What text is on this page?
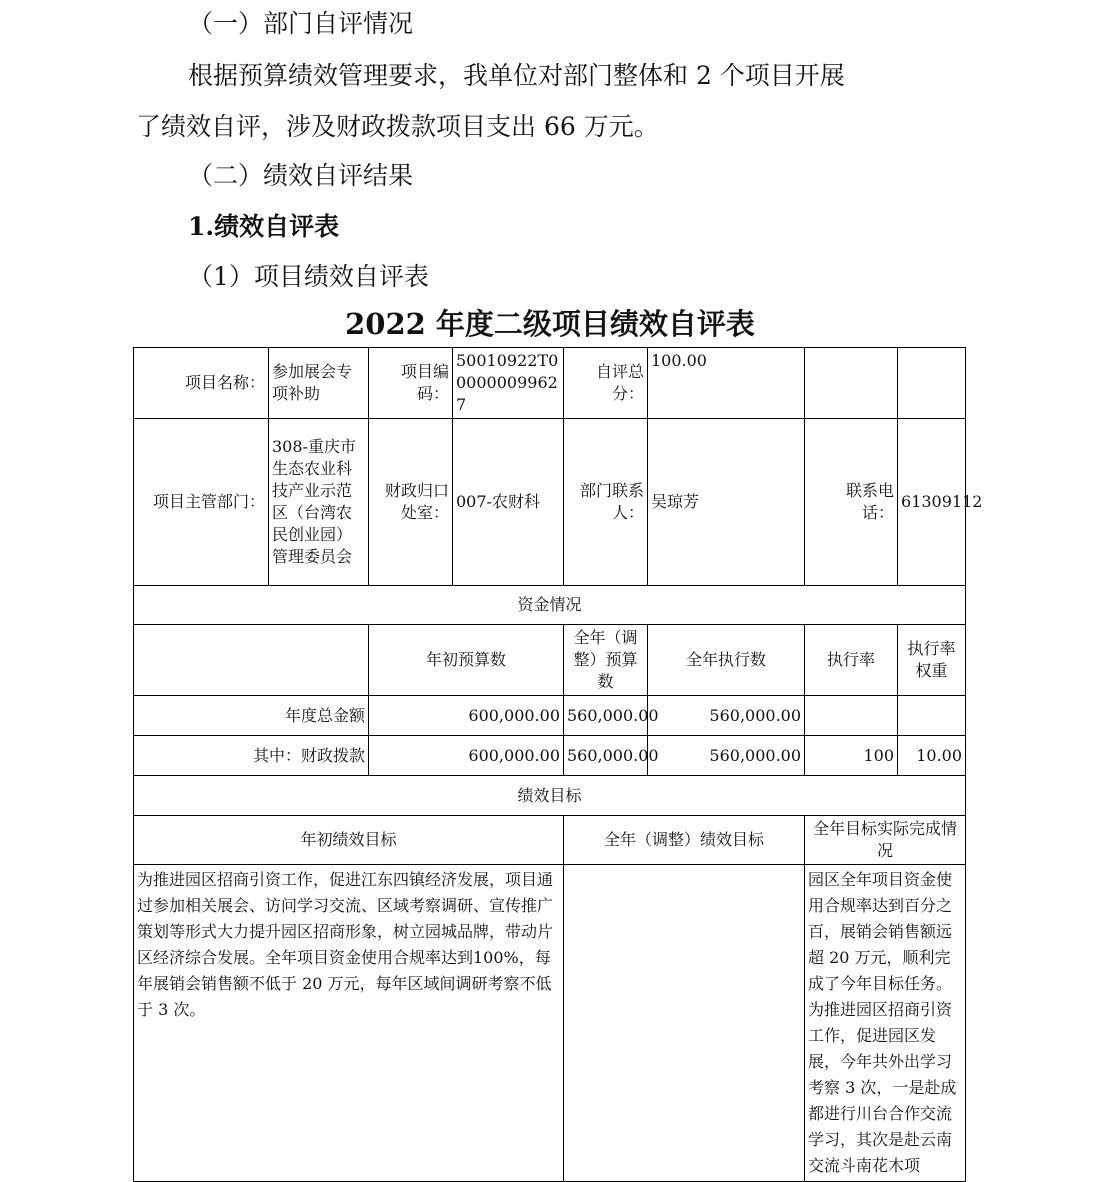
（一）部门自评情况
根据预算绩效管理要求，我单位对部门整体和 2 个项目开展
了绩效自评，涉及财政拨款项目支出 66 万元。
（二）绩效自评结果
1.绩效自评表
（1）项目绩效自评表
2022 年度二级项目绩效自评表
项目名称：	参加展会专项补助	项目编码：	50010922T000000099627	自评总分：	100.00		
项目主管部门：	308-重庆市生态农业科技产业示范区（台湾农民创业园）管理委员会	财政归口处室：	007-农财科	部门联系人：	吴琼芳	联系电话：	61309112
资金情况							
		年初预算数		全年（调整）预算数	全年执行数	执行率	执行率权重
年度总金额		600,000.00		560,000.00	560,000.00		
其中：财政拨款		600,000.00		560,000.00	560,000.00	100	10.00
绩效目标							
年初绩效目标				全年（调整）绩效目标		全年目标实际完成情况	
为推进园区招商引资工作，促进江东四镇经济发展，项目通过参加相关展会、访问学习交流、区域考察调研、宣传推广策划等形式大力提升园区招商形象，树立园城品牌，带动片区经济综合发展。全年项目资金使用合规率达到100%，每年展销会销售额不低于 20 万元，每年区域间调研考察不低于 3 次。						园区全年项目资金使用合规率达到百分之百，展销会销售额远超 20 万元，顺利完成了今年目标任务。为推进园区招商引资工作，促进园区发展，今年共外出学习考察 3 次，一是赴成都进行川台合作交流学习，其次是赴云南交流斗南花木项	
